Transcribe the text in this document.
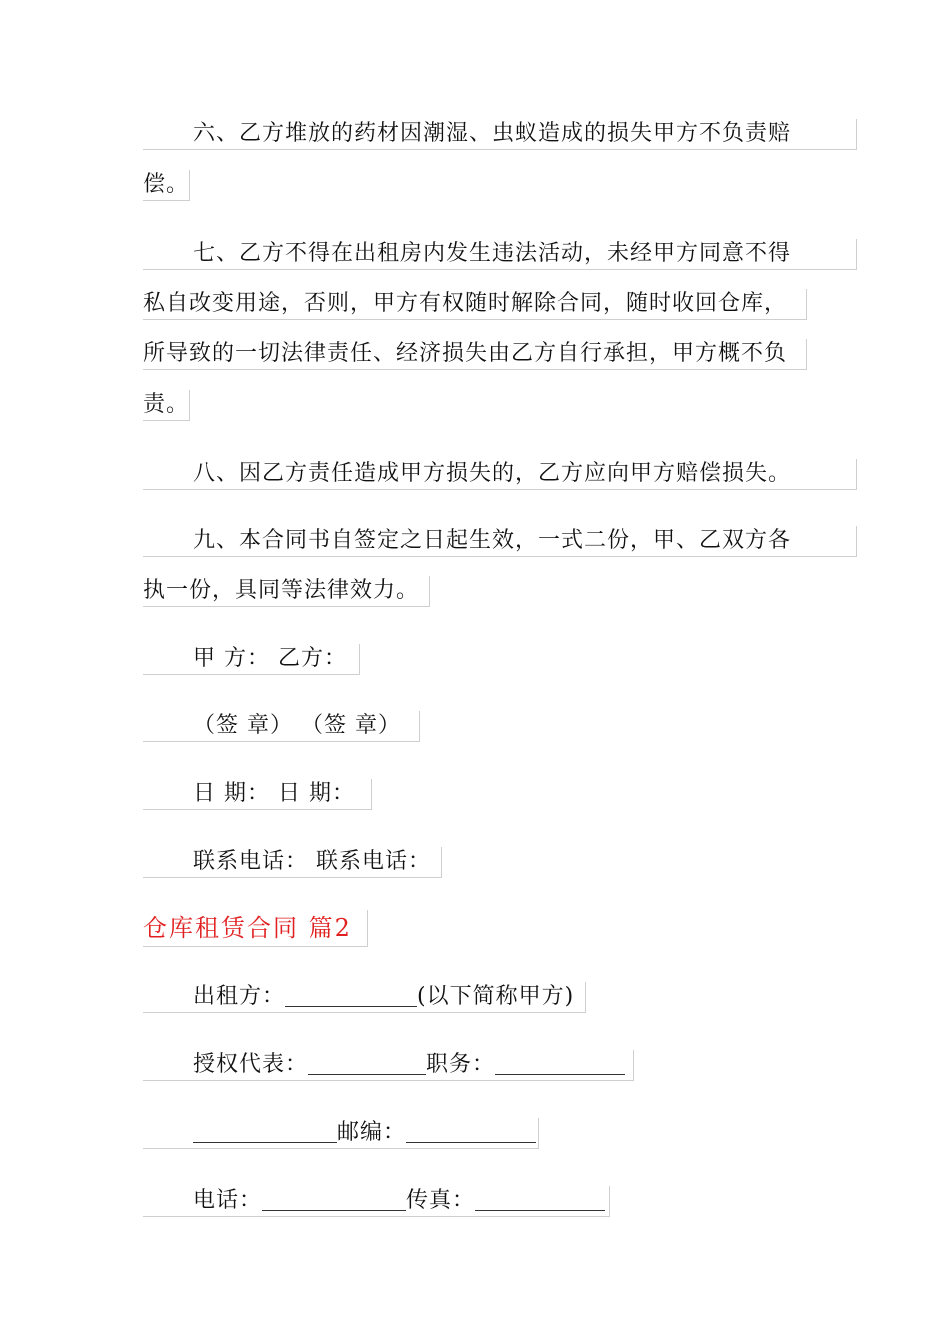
六、乙方堆放的药材因潮湿、虫蚁造成的损失甲方不负责赔
偿。
七、乙方不得在出租房内发生违法活动，未经甲方同意不得
私自改变用途，否则，甲方有权随时解除合同，随时收回仓库，
所导致的一切法律责任、经济损失由乙方自行承担，甲方概不负
责。
八、因乙方责任造成甲方损失的，乙方应向甲方赔偿损失。
九、本合同书自签定之日起生效，一式二份，甲、乙双方各
执一份，具同等法律效力。
甲 方： 乙方：
（签 章） （签 章）
日 期： 日 期：
联系电话： 联系电话：
仓库租赁合同 篇2
出租方：	(以下简称甲方)
授权代表：	职务：
邮编：
电话：	传真：
